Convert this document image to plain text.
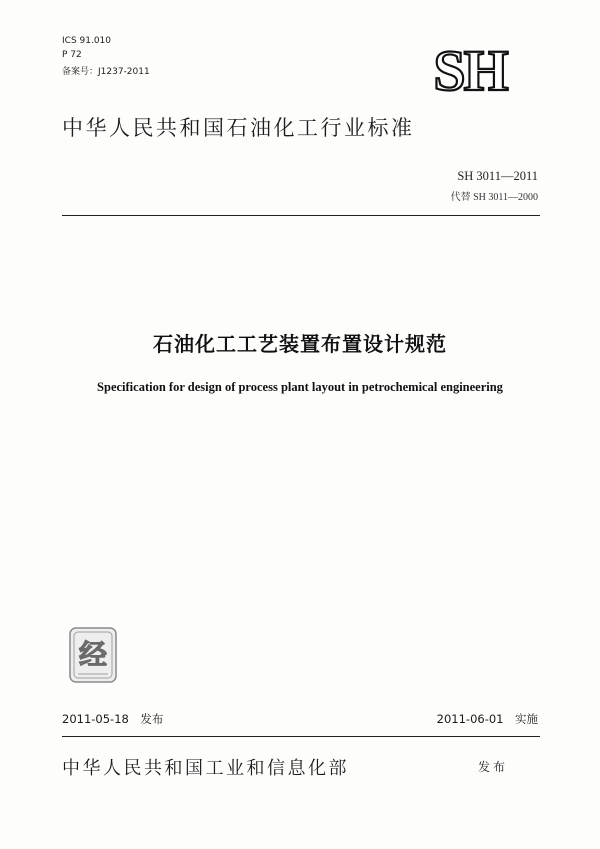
ICS 91.010
P 72
备案号：J1237-2011	SH
中华人民共和国石油化工行业标准
SH 3011—2011
代替 SH 3011—2000
石油化工工艺装置布置设计规范
Specification for design of process plant layout in petrochemical engineering
经
2011-05-18　发布	2011-06-01　实施
中华人民共和国工业和信息化部	发布
